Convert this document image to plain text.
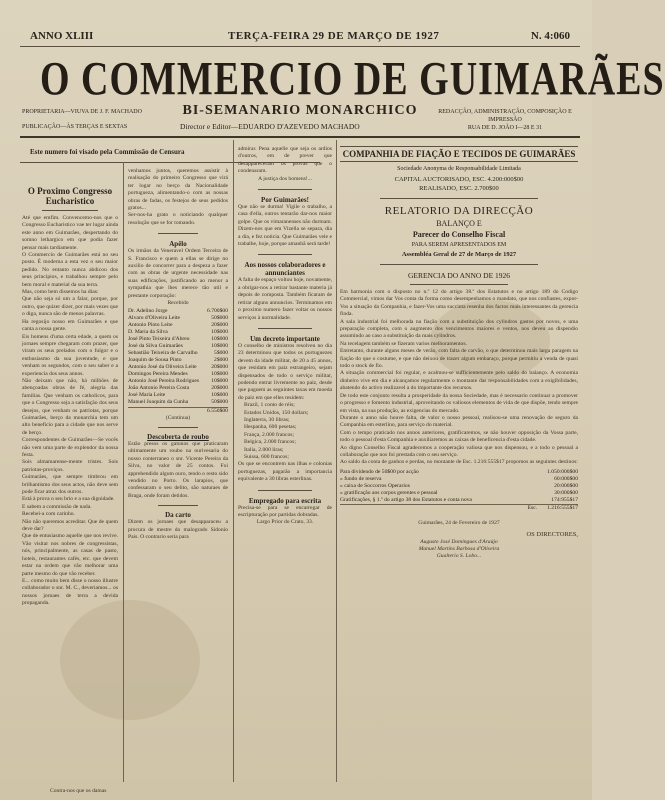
ANNO XLIII	TERÇA-FEIRA 29 DE MARÇO DE 1927	N. 4:060
O COMMERCIO DE GUIMARÃES
BI-SEMANARIO MONARCHICO
Director e Editor—EDUARDO D'AZEVEDO MACHADO
PROPRIETARIA—VIUVA DE J. F. MACHADO
PUBLICAÇÃO—ÀS TERÇAS E SEXTAS
REDACÇÃO, ADMINISTRAÇÃO, COMPOSIÇÃO E IMPRESSÃO
RUA DE D. JOÃO I—28 E 31
Este numero foi visado pela Commissão de Censura
O Proximo Congresso Eucharistico
Até que emfim. Convencemo-nos que o Congresso Eucharistico vae ter lugar ainda este anno em Guimarães, despertando do somno lethargico em que podia fazer pensar mais tardiamente.
O Commercio de Guimarães está no seu posto. É moderna a esta vez o seu maior pedido. No entanto nunca abdicou dos seus principios, e trabalhou sempre pelo bem moral e material da sua terra.
Mas, como bem dissemos ha dias:
Que não seja só um a falar, porque, por outro, que quizer dizer, por mais vezes que o diga, nunca são de menos palavras.
Ha regosijo nosso em Guimarães e que canta a nossa gente.
Eis homens d'uma certa edade, a quem os jornaes sempre chegaram com prazer, que viram os seus prelados com o fulgor e o enthusiasmo da sua juventude, e que venham os segundos, com o seu saber e a experiencia dos seus annos.
Não deixam que não, há milhões de abençoadas obras de fé, alegria das familias. Que venham os catholicos, para que o Congresso seja a satisfação dos seus desejos, que venham os patriotas, porque Guimarães, berço da monarchia tem um alto beneficio para a cidade que nos serve de berço.
Correspondentes de Guimarães—Se vocês não vem uma parte de explendor da nossa festa.
Sois almamarense-mente tristes. Sois patriotas-proviços.
Guimarães, que sempre timbrou em brilhantismo dos seus actos, não deve sem pode ficar atraz dos outros.
Está à prova o seu brio e a sua dignidade.
E sabem a commissão de nada.
Recebei-a com carinho.
Não não queremos acreditar. Que de quem deve dar?
Que de entusiasmo aquelle que nos revive. Vão visitar nos nobres de congressistas, nós, principalmente, as casas de pasto, hoteis, restaurantes cafés, etc. que devem estar na ordem que vão melhorar uma parte mesmo do que vão receber.
E... como muito bem disse o nosso illustre collaborador o snr. M. C., deveriamos... os nossos jornaes de terra a devida propaganda.
Contra-nos que os damas
venhamos juntos, queremos assistir à realisação do primeiro Congresso que virá ter logar no berço da Nacionalidade portugueza, alimentando-o com as nossas obras de fadas, os festejos de seus pedidos gratos...
Ser-nos-ha grato o noticiando qualquer resolução que se for tomando.
Apêlo
Os irmãos da Veneravel Ordem Terceira de S. Francisco e quem a ellas se dirige no auxilio de concorrer para a despeza a fazer com as obras de urgente necessidade nas suas edificações, justificando ao menor a sympathia que lhes merece tão util e prestante corporação:
Recebido
Dr. Adelino Jorge	6.700$00
Alvaro d'Oliveira Leite	50$000
Antonio Pinto Leite	20$000
D. Maria da Silva	10$000
José Pinto Teixeira d'Abreu	10$000
José da Silva Guimarães	10$000
Sebastião Teixeira de Carvalho	5$000
Joaquim de Sousa Pinto	2$000
Antonio José da Oliveira Leite	20$000
Domingos Pereira Mendes	10$000
Antonio José Pereira Rodrigues 10$000
João Antonio Pereira Costa	20$000
José Maria Leite	10$000
Manuel Joaquim da Cunha	50$000
6.550$00
(Continua)
Descoberta de roubo
Estão presos os gatunos que praticaram ultimamente um roubo na ourivesaria do nosso conterraneo o snr. Vicente Pereira da Silva, no valor de 25 contos. Foi apprehendido algum ouro, tendo o resto sido vendido no Porto. Os larapios, que confessaram o seu delito, são naturaes de Braga, onde foram detidos.
Da carto
Dizem os jornaes que desapparaceu a procura de mestre do malogrado Sidonio Pais. O contrario seria para
admirar. Pena aquelle que seja os ardios d'outros, em de prever que desappareceram os provas que o condenaram.
A justiça dos homens!...
Por Guimarães!
Que não se durma! Vigile o trabalho, a casa d'ella, outros tentarão dar-nos maior golpe. Que os vimaranenses não durmam. Dizem-nos que em Vizella se separa, dia a dia, e fez noticia. Que Guimarães vele e trabalhe, hoje, porque amanhã será tarde!
Aos nossos colaboradores e annunciantes
A falta de espaço voltou hoje, novamente, a obrigar-nos a retirar bastante materia já depois de composta. Também ficaram de retirar alguns annuncios. Terminamos em o proximo numero fazer voltar os nossos serviços à normalidade.
Um decreto importante
O conselho de ministros resolveu no dia 23 determinou que todos os portuguezes devem da idade militar, de 20 a 45 annos, que residam em paiz estrangeiro, sejam dispensados de todo o serviço militar, podendo entrar livremente no paiz, desde que paguem as seguintes taxas em moeda do paiz em que elles residem:
Brazil, 1 conto de réis;
Estados Unidos, 150 dollars;
Inglaterra, 30 libras;
Hespanha, 600 pesetas;
França, 2.000 francos;
Belgica, 2.000 francos;
Italia, 2.000 liras;
Suissa, 600 francos;
Os que se encontrem nas ilhas e colonias portuguezas, pagarão a importancia equivalente a 30 libras esterlinas.
Empregado para escrita
Precisa-se para se encarregar de escripturação por partidas dobradas.
Largo Prior do Crato, 33.
COMPANHIA DE FIAÇÃO E TECIDOS DE GUIMARÃES
Sociedade Anonyma de Responsabilidade Limitada
CAPITAL AUCTORISADO, ESC. 4.200:000$00
REALISADO, ESC. 2.700$00
RELATORIO DA DIRECÇÃO
BALANÇO E
Parecer do Conselho Fiscal
PARA SEREM APRESENTADOS EM
Assembléa Geral de 27 de Março de 1927
GERENCIA DO ANNO DE 1926
Em harmonia com o disposto no n.º 12 do artigo 38.º dos Estatutos e no artigo 189 do Codigo Commercial, vimos dar Vos conta da forma como desempenhamos o mandato, que nos confiastes, expor-Vos a situação da Companhia, e fazer-Vos uma succinta resenha dos factos mais interessantes da gerencia finda.
A sala industrial foi melhorada na fiação com a substituição dos cylindros gastos por novos, e uma preparação completa, com o augmento dos vencimentos maiores e ventos, nos deveu ao dispendio assumindo ao caso a substituição da mais cylindros.
Na tecelagem também se fizeram varios melhoramentos.
Entretanto, durante alguns meses de verão, com falta de carvão, o que determinou mais larga paragem na fiação do que o costume, e que não deixou de trazer algum embaraço, porque permitiu a venda de quasi todo o stock de fio.
A situação commercial foi regular, e acalmou-se sufficientemente pelo saldo do balanço. A economia dinheiro vive em dia e alcançamos regularmente o montante das responsabilidades com a exigibilidades, abatendo do activo realizavel a do importante dos recursos.
De todo este conjunto resulta a prosperidade da nossa Sociedade, mas é necessario continuar a promover o progresso e fomento industrial, aproveitando os valiosos elementos de vida de que dispõe, tendo sempre em vista, na sua produção, as exigencias do mercado.
Durante o anno não houve falta, de valor o nosso pessoal, realisou-se uma renovação de seguro da Companhia em esterlino, para serviço do material.
Com o tempo praticado nos annos anteriores, gratificaremos, se não houver opposição da Vossa parte, todo o pessoal d'esta Companhia e auxiliaremos as caixas de beneficencia d'esta cidade.
Ao digno Conselho Fiscal agradecemos a cooperação valiosa que nos dispensou, e a todo o pessoal a collaboração que nos foi prestada com o seu serviço.
Ao saldo da conta de ganhos e perdas, no montante de Esc. 1.216:555$17 propomos as seguintes destinos:
Para dividendo de 50$00 por acção	1.050:000$00
» fundo de reserva	60:000$00
» caixa de Soccorros Operarios	20:000$00
» gratificação aos corpos gerentes e pessoal	30:000$00
Gratificações, § 1.º do artigo 38 dos Estatutos e conta nova	174:955$17
Esc. 1.216:555$17
Guimarães, 24 de Fevereiro de 1927
OS DIRECTORES,
Augusto José Domingues d'Araújo
Manuel Martins Barbosa d'Oliveira
Gualterio S. Lobo...
